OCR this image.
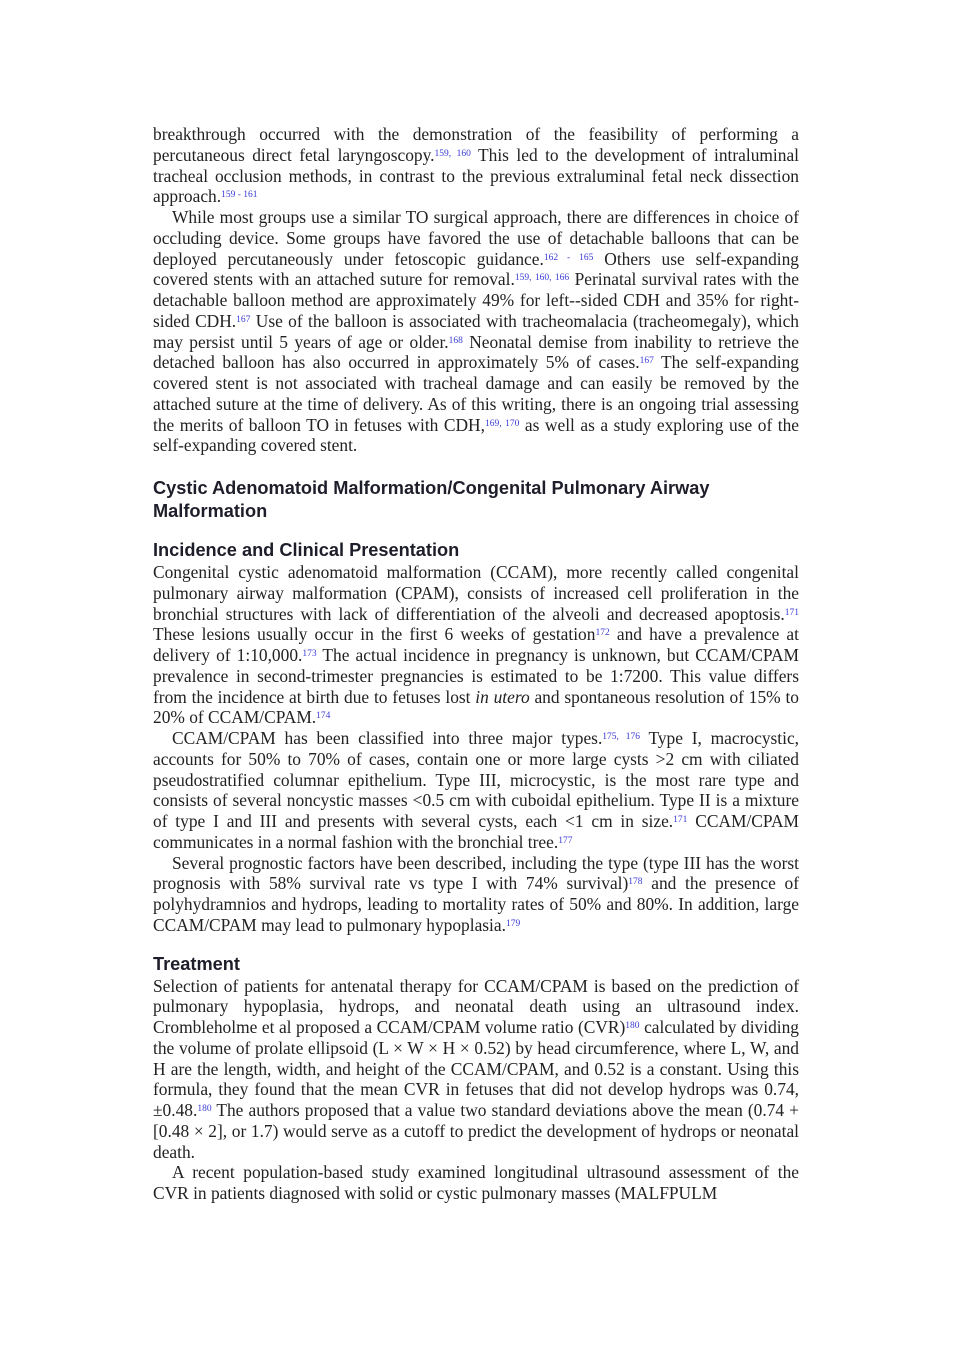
breakthrough occurred with the demonstration of the feasibility of performing a percutaneous direct fetal laryngoscopy.$^{159, 160}$ This led to the development of intraluminal tracheal occlusion methods, in contrast to the previous extraluminal fetal neck dissection approach.$^{159 - 161}$

While most groups use a similar TO surgical approach, there are differences in choice of occluding device. Some groups have favored the use of detachable balloons that can be deployed percutaneously under fetoscopic guidance.$^{162 - 165}$ Others use self-expanding covered stents with an attached suture for removal.$^{159, 160, 166}$ Perinatal survival rates with the detachable balloon method are approximately 49% for left--sided CDH and 35% for right-sided CDH.$^{167}$ Use of the balloon is associated with tracheomalacia (tracheomegaly), which may persist until 5 years of age or older.$^{168}$ Neonatal demise from inability to retrieve the detached balloon has also occurred in approximately 5% of cases.$^{167}$ The self-expanding covered stent is not associated with tracheal damage and can easily be removed by the attached suture at the time of delivery. As of this writing, there is an ongoing trial assessing the merits of balloon TO in fetuses with CDH,$^{169, 170}$ as well as a study exploring use of the self-expanding covered stent.

Cystic Adenomatoid Malformation/Congenital Pulmonary Airway Malformation
Incidence and Clinical Presentation

Congenital cystic adenomatoid malformation (CCAM), more recently called congenital pulmonary airway malformation (CPAM), consists of increased cell proliferation in the bronchial structures with lack of differentiation of the alveoli and decreased apoptosis.$^{171}$ These lesions usually occur in the first 6 weeks of gestation$^{172}$ and have a prevalence at delivery of 1:10,000.$^{173}$ The actual incidence in pregnancy is unknown, but CCAM/CPAM prevalence in second-trimester pregnancies is estimated to be 1:7200. This value differs from the incidence at birth due to fetuses lost in utero and spontaneous resolution of 15% to 20% of CCAM/CPAM.$^{174}$

CCAM/CPAM has been classified into three major types.$^{175, 176}$ Type I, macrocystic, accounts for 50% to 70% of cases, contain one or more large cysts >2 cm with ciliated pseudostratified columnar epithelium. Type III, microcystic, is the most rare type and consists of several noncystic masses <0.5 cm with cuboidal epithelium. Type II is a mixture of type I and III and presents with several cysts, each <1 cm in size.$^{171}$ CCAM/CPAM communicates in a normal fashion with the bronchial tree.$^{177}$

Several prognostic factors have been described, including the type (type III has the worst prognosis with 58% survival rate vs type I with 74% survival)$^{178}$ and the presence of polyhydramnios and hydrops, leading to mortality rates of 50% and 80%. In addition, large CCAM/CPAM may lead to pulmonary hypoplasia.$^{179}$

Treatment

Selection of patients for antenatal therapy for CCAM/CPAM is based on the prediction of pulmonary hypoplasia, hydrops, and neonatal death using an ultrasound index. Crombleholme et al proposed a CCAM/CPAM volume ratio (CVR)$^{180}$ calculated by dividing the volume of prolate ellipsoid (L × W × H × 0.52) by head circumference, where L, W, and H are the length, width, and height of the CCAM/CPAM, and 0.52 is a constant. Using this formula, they found that the mean CVR in fetuses that did not develop hydrops was 0.74, ±0.48.$^{180}$ The authors proposed that a value two standard deviations above the mean (0.74 + [0.48 × 2], or 1.7) would serve as a cutoff to predict the development of hydrops or neonatal death.

A recent population-based study examined longitudinal ultrasound assessment of the CVR in patients diagnosed with solid or cystic pulmonary masses (MALFPULM
